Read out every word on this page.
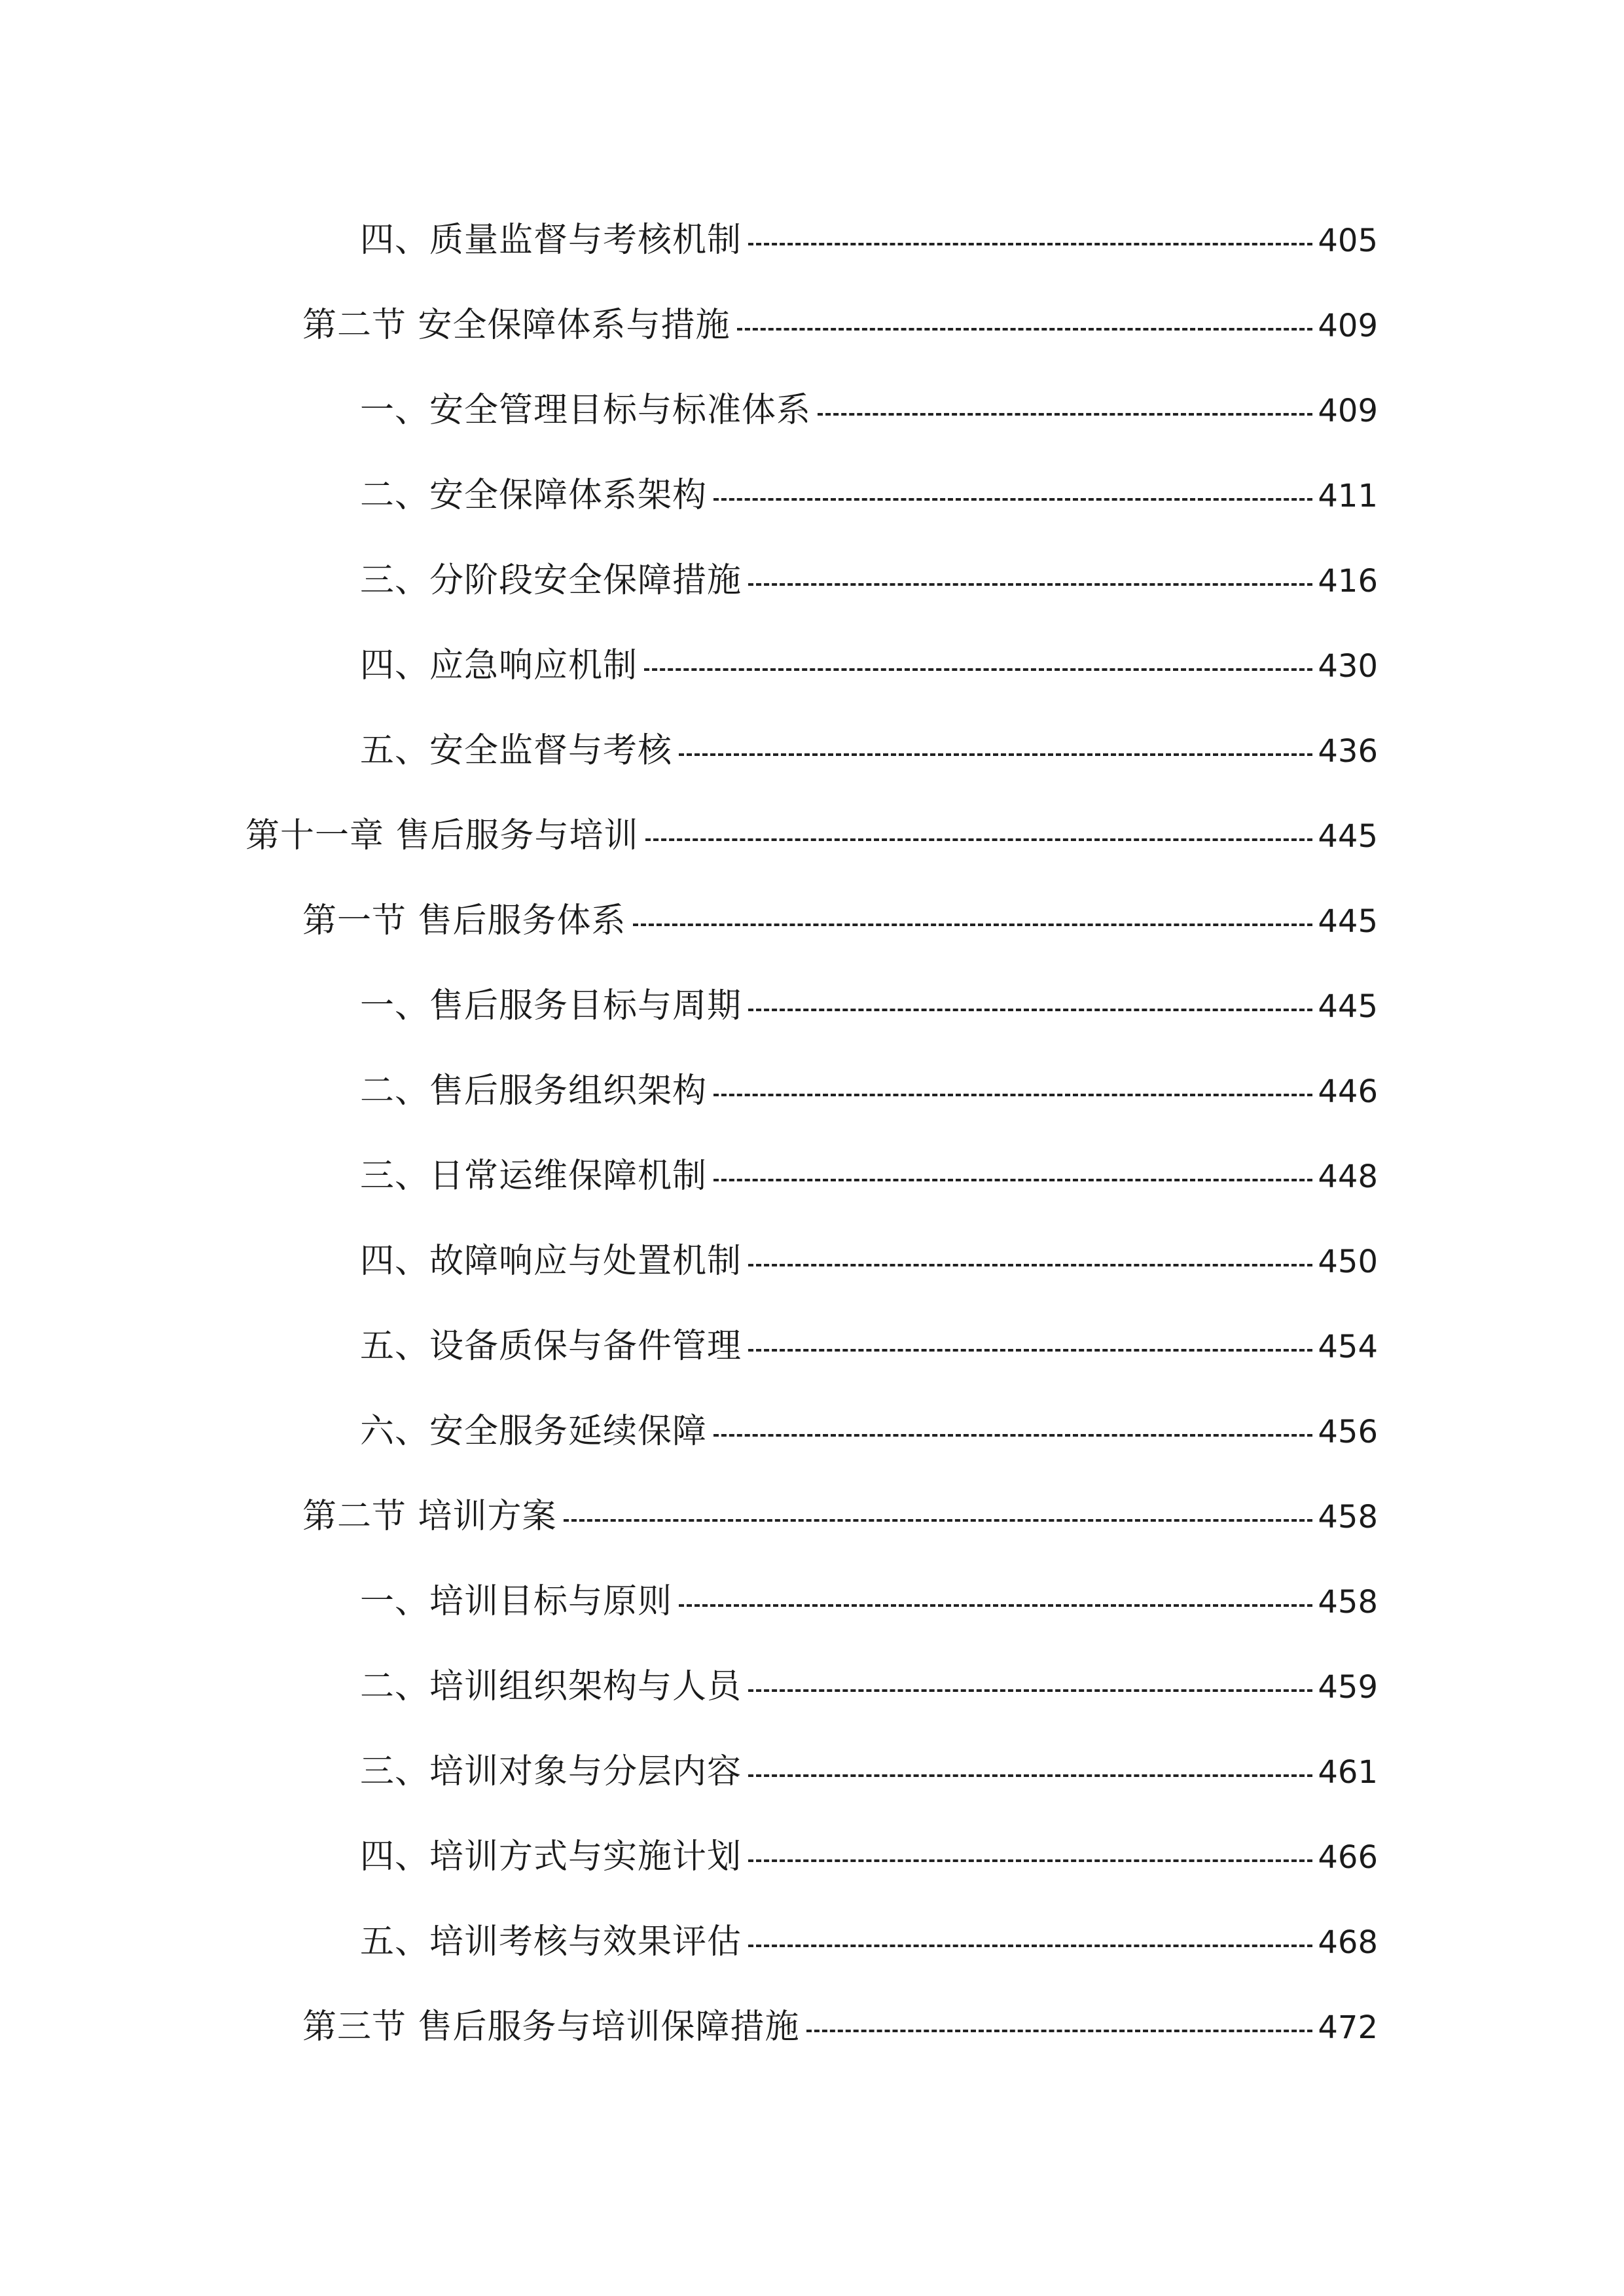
四、质量监督与考核机制	405
第二节 安全保障体系与措施	409
一、安全管理目标与标准体系	409
二、安全保障体系架构	411
三、分阶段安全保障措施	416
四、应急响应机制	430
五、安全监督与考核	436
第十一章 售后服务与培训	445
第一节 售后服务体系	445
一、售后服务目标与周期	445
二、售后服务组织架构	446
三、日常运维保障机制	448
四、故障响应与处置机制	450
五、设备质保与备件管理	454
六、安全服务延续保障	456
第二节 培训方案	458
一、培训目标与原则	458
二、培训组织架构与人员	459
三、培训对象与分层内容	461
四、培训方式与实施计划	466
五、培训考核与效果评估	468
第三节 售后服务与培训保障措施	472
